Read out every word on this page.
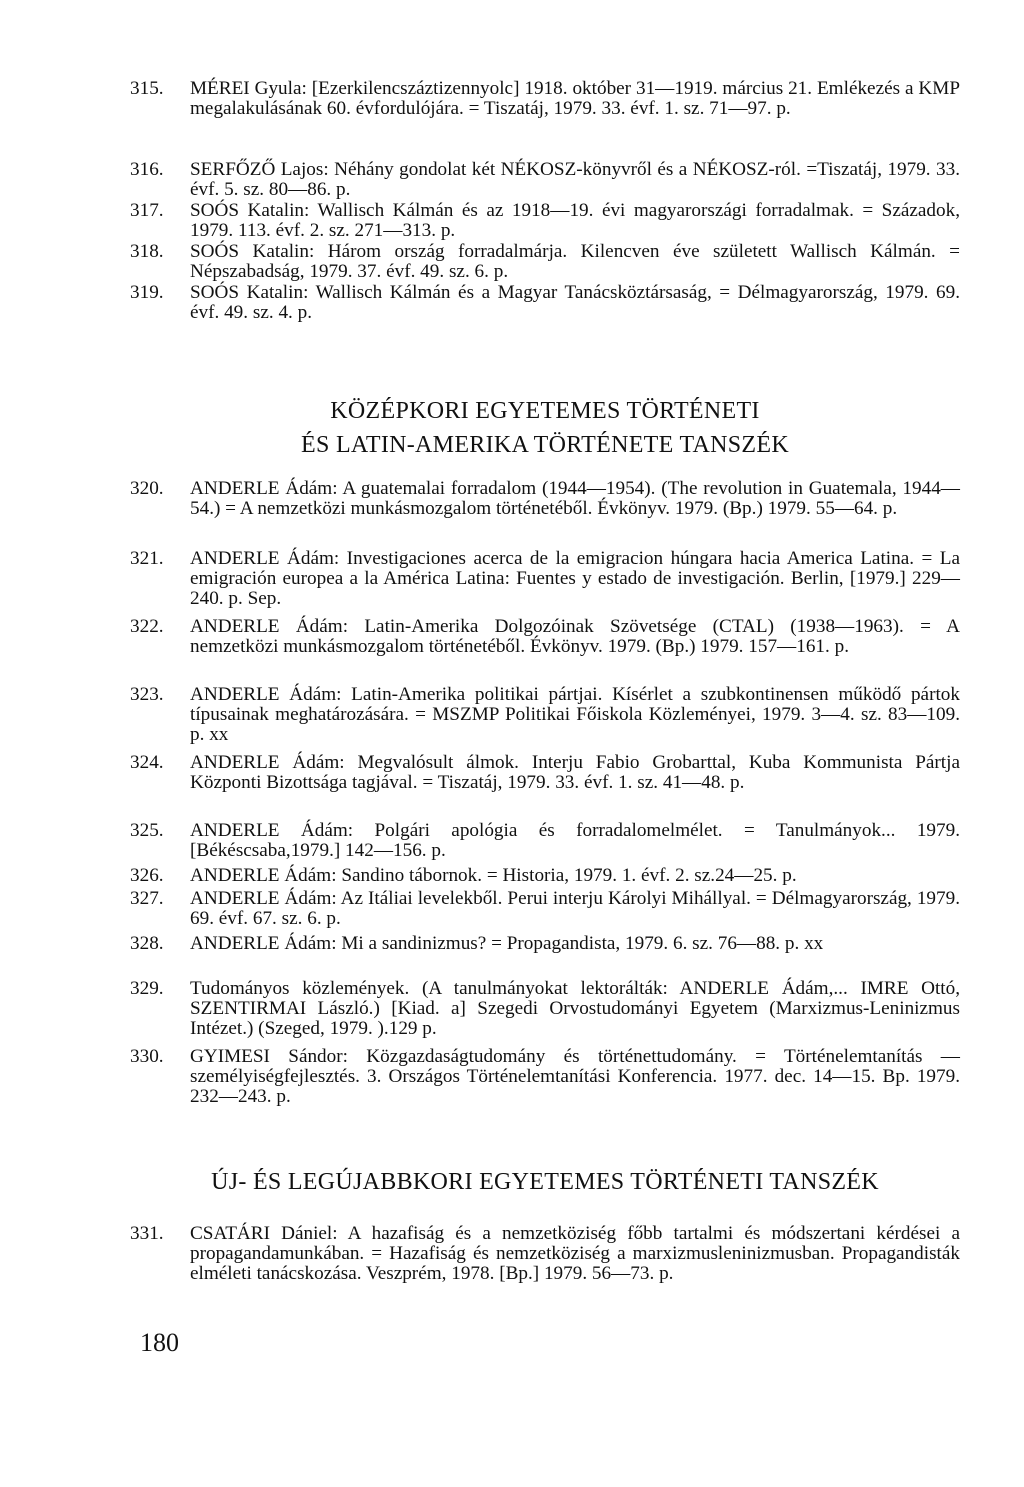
315.	MÉREI Gyula: [Ezerkilencszáztizennyolc] 1918. október 31—1919. március 21. Emlékezés a KMP megalakulásának 60. évfordulójára. = Tiszatáj, 1979. 33. évf. 1. sz. 71—97. p.
316.	SERFŐZŐ Lajos: Néhány gondolat két NÉKOSZ-könyvről és a NÉKOSZ-ról. =Tiszatáj, 1979. 33. évf. 5. sz. 80—86. p.
317.	SOÓS Katalin: Wallisch Kálmán és az 1918—19. évi magyarországi forradalmak. = Századok, 1979. 113. évf. 2. sz. 271—313. p.
318.	SOÓS Katalin: Három ország forradalmárja. Kilencven éve született Wallisch Kálmán. = Népszabadság, 1979. 37. évf. 49. sz. 6. p.
319.	SOÓS Katalin: Wallisch Kálmán és a Magyar Tanácsköztársaság, = Délmagyarország, 1979. 69. évf. 49. sz. 4. p.
KÖZÉPKORI EGYETEMES TÖRTÉNETI
ÉS LATIN-AMERIKA TÖRTÉNETE TANSZÉK
320.	ANDERLE Ádám: A guatemalai forradalom (1944—1954). (The revolution in Guatemala, 1944—54.) = A nemzetközi munkásmozgalom történetéből. Évkönyv. 1979. (Bp.) 1979. 55—64. p.
321.	ANDERLE Ádám: Investigaciones acerca de la emigracion húngara hacia America Latina. = La emigración europea a la América Latina: Fuentes y estado de investigación. Berlin, [1979.] 229—240. p. Sep.
322.	ANDERLE Ádám: Latin-Amerika Dolgozóinak Szövetsége (CTAL) (1938—1963). = A nemzetközi munkásmozgalom történetéből. Évkönyv. 1979. (Bp.) 1979. 157—161. p.
323.	ANDERLE Ádám: Latin-Amerika politikai pártjai. Kísérlet a szubkontinensen működő pártok típusainak meghatározására. = MSZMP Politikai Főiskola Közleményei, 1979. 3—4. sz. 83—109. p. xx
324.	ANDERLE Ádám: Megvalósult álmok. Interju Fabio Grobarttal, Kuba Kommunista Pártja Központi Bizottsága tagjával. = Tiszatáj, 1979. 33. évf. 1. sz. 41—48. p.
325.	ANDERLE Ádám: Polgári apológia és forradalomelmélet. = Tanulmányok... 1979. [Békéscsaba,1979.] 142—156. p.
326.	ANDERLE Ádám: Sandino tábornok. = Historia, 1979. 1. évf. 2. sz.24—25. p.
327.	ANDERLE Ádám: Az Itáliai levelekből. Perui interju Károlyi Mihállyal. = Délmagyarország, 1979. 69. évf. 67. sz. 6. p.
328.	ANDERLE Ádám: Mi a sandinizmus? = Propagandista, 1979. 6. sz. 76—88. p. xx
329.	Tudományos közlemények. (A tanulmányokat lektorálták: ANDERLE Ádám,... IMRE Ottó, SZENTIRMAI László.) [Kiad. a] Szegedi Orvostudományi Egyetem (Marxizmus-Leninizmus Intézet.) (Szeged, 1979. ).129 p.
330.	GYIMESI Sándor: Közgazdaságtudomány és történettudomány. = Történelemtanítás — személyiségfejlesztés. 3. Országos Történelemtanítási Konferencia. 1977. dec. 14—15. Bp. 1979. 232—243. p.
ÚJ- ÉS LEGÚJABBKORI EGYETEMES TÖRTÉNETI TANSZÉK
331.	CSATÁRI Dániel: A hazafiság és a nemzetköziség főbb tartalmi és módszertani kérdései a propagandamunkában. = Hazafiság és nemzetköziség a marxizmusleninizmusban. Propagandisták elméleti tanácskozása. Veszprém, 1978. [Bp.] 1979. 56—73. p.
180
